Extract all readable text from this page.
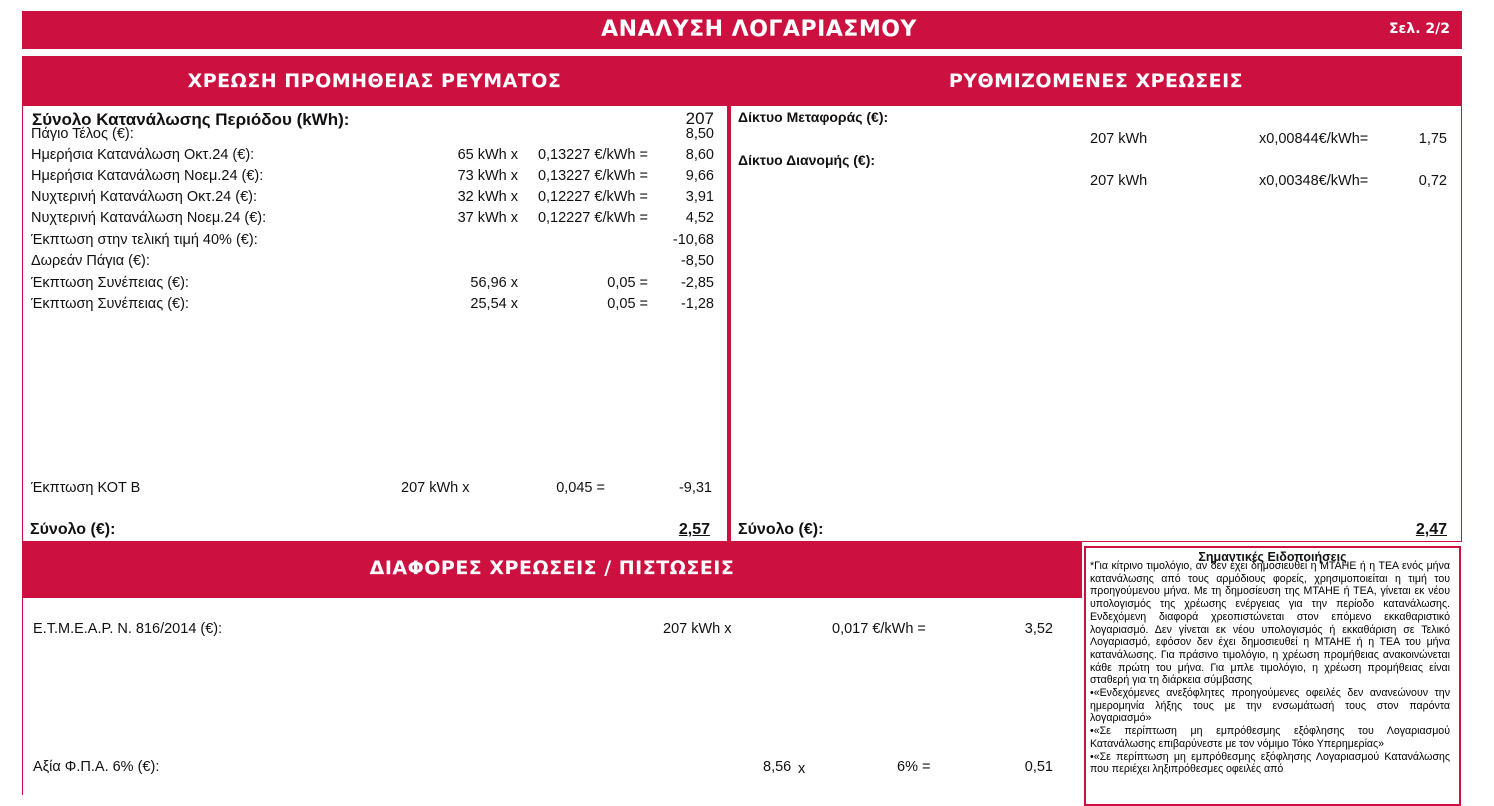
ΑΝΑΛΥΣΗ ΛΟΓΑΡΙΑΣΜΟΥ	Σελ. 2/2
ΧΡΕΩΣΗ ΠΡΟΜΗΘΕΙΑΣ ΡΕΥΜΑΤΟΣ	ΡΥΘΜΙΖΟΜΕΝΕΣ ΧΡΕΩΣΕΙΣ
Σύνολο Κατανάλωσης Περιόδου (kWh):	207
Πάγιο Τέλος (€):	8,50
Ημερήσια Κατανάλωση Οκτ.24 (€):	65 kWh x	0,13227 €/kWh =	8,60
Ημερήσια Κατανάλωση Νοεμ.24 (€):	73 kWh x	0,13227 €/kWh =	9,66
Νυχτερινή Κατανάλωση Οκτ.24 (€):	32 kWh x	0,12227 €/kWh =	3,91
Νυχτερινή Κατανάλωση Νοεμ.24 (€):	37 kWh x	0,12227 €/kWh =	4,52
Έκπτωση στην τελική τιμή 40% (€):	-10,68
Δωρεάν Πάγια (€):	-8,50
Έκπτωση Συνέπειας (€):	56,96 x	0,05 =	-2,85
Έκπτωση Συνέπειας (€):	25,54 x	0,05 =	-1,28
Έκπτωση ΚΟΤ Β	207 kWh x	0,045 =	-9,31
Σύνολο (€):	2,57
Δίκτυο Μεταφοράς (€):
207 kWh	x0,00844€/kWh=	1,75
Δίκτυο Διανομής (€):
207 kWh	x0,00348€/kWh=	0,72
Σύνολο (€):	2,47
ΔΙΑΦΟΡΕΣ ΧΡΕΩΣΕΙΣ / ΠΙΣΤΩΣΕΙΣ
Ε.Τ.Μ.Ε.Α.Ρ. Ν. 816/2014 (€):	207 kWh x	0,017 €/kWh =	3,52
Αξία Φ.Π.Α. 6% (€):	8,56 x	6% =	0,51
Σημαντικές Ειδοποιήσεις

*Για κίτρινο τιμολόγιο, αν δεν έχει δημοσιευθεί η ΜΤΑΗΕ ή η ΤΕΑ ενός μήνα κατανάλωσης από τους αρμόδιους φορείς, χρησιμοποιείται η τιμή του προηγούμενου μήνα. Με τη δημοσίευση της ΜΤΑΗΕ ή ΤΕΑ, γίνεται εκ νέου υπολογισμός της χρέωσης ενέργειας για την περίοδο κατανάλωσης. Ενδεχόμενη διαφορά χρεοπιστώνεται στον επόμενο εκκαθαριστικό λογαριασμό. Δεν γίνεται εκ νέου υπολογισμός ή εκκαθάριση σε Τελικό Λογαριασμό, εφόσον δεν έχει δημοσιευθεί η ΜΤΑΗΕ ή η ΤΕΑ του μήνα κατανάλωσης. Για πράσινο τιμολόγιο, η χρέωση προμήθειας ανακοινώνεται κάθε πρώτη του μήνα. Για μπλε τιμολόγιο, η χρέωση προμήθειας είναι σταθερή για τη διάρκεια σύμβασης

•«Ενδεχόμενες ανεξόφλητες προηγούμενες οφειλές δεν ανανεώνουν την ημερομηνία λήξης τους με την ενσωμάτωσή τους στον παρόντα λογαριασμό»

•«Σε περίπτωση μη εμπρόθεσμης εξόφλησης του Λογαριασμού Κατανάλωσης επιβαρύνεστε με τον νόμιμο Τόκο Υπερημερίας»

•«Σε περίπτωση μη εμπρόθεσμης εξόφλησης Λογαριασμού Κατανάλωσης που περιέχει ληξιπρόθεσμες οφειλές από
